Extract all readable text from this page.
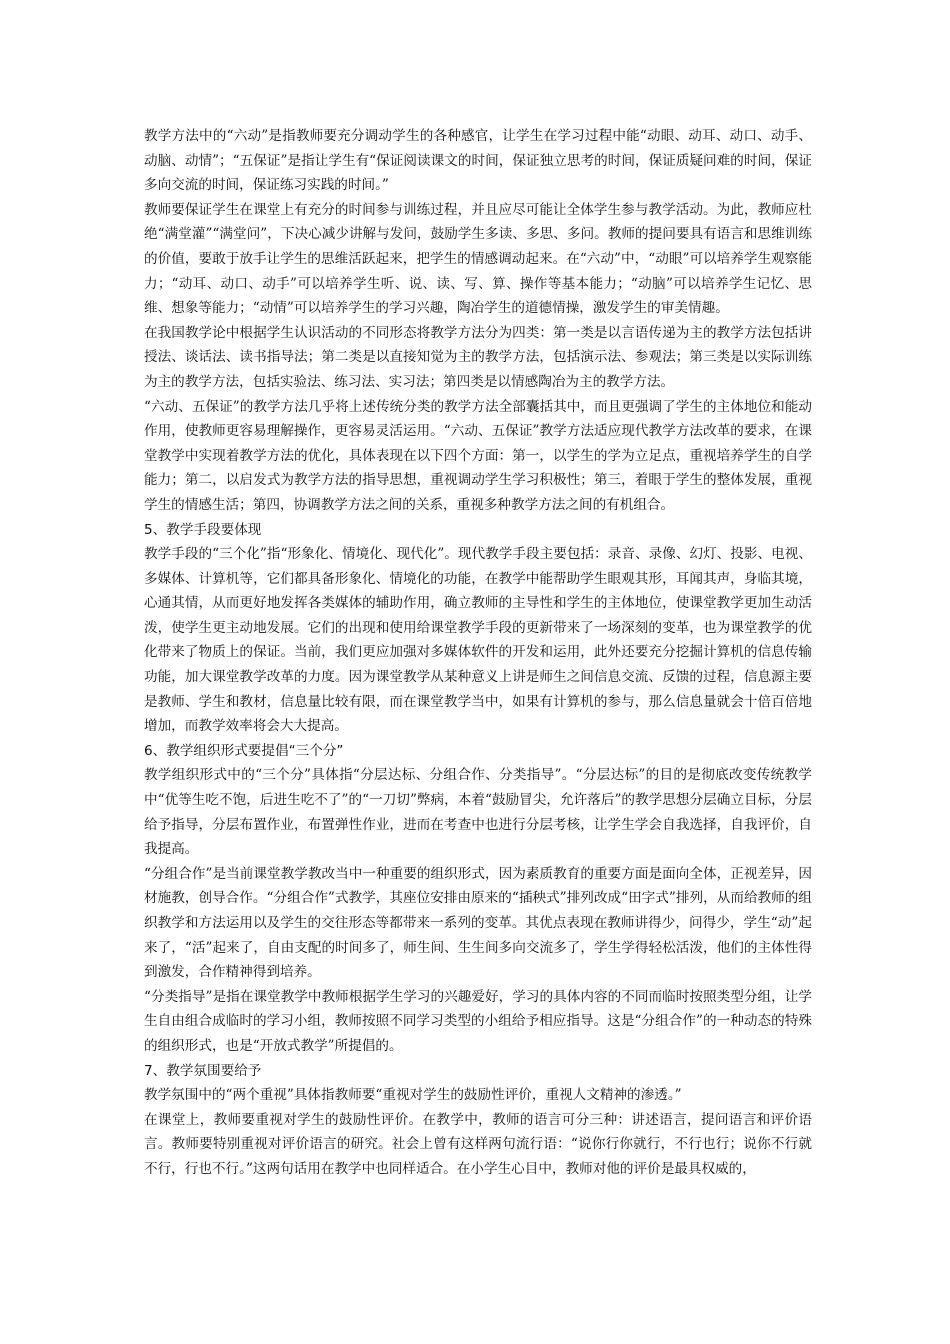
教学方法中的“六动”是指教师要充分调动学生的各种感官，让学生在学习过程中能“动眼、动耳、动口、动手、动脑、动情”；“五保证”是指让学生有“保证阅读课文的时间，保证独立思考的时间，保证质疑问难的时间，保证多向交流的时间，保证练习实践的时间。”

教师要保证学生在课堂上有充分的时间参与训练过程，并且应尽可能让全体学生参与教学活动。为此，教师应杜绝“满堂灌”“满堂问”，下决心减少讲解与发问，鼓励学生多读、多思、多问。教师的提问要具有语言和思维训练的价值，要敢于放手让学生的思维活跃起来，把学生的情感调动起来。在“六动”中，“动眼”可以培养学生观察能力；“动耳、动口、动手”可以培养学生听、说、读、写、算、操作等基本能力；“动脑”可以培养学生记忆、思维、想象等能力；“动情”可以培养学生的学习兴趣，陶冶学生的道德情操，激发学生的审美情趣。

在我国教学论中根据学生认识活动的不同形态将教学方法分为四类：第一类是以言语传递为主的教学方法包括讲授法、谈话法、读书指导法；第二类是以直接知觉为主的教学方法，包括演示法、参观法；第三类是以实际训练为主的教学方法，包括实验法、练习法、实习法；第四类是以情感陶冶为主的教学方法。

“六动、五保证”的教学方法几乎将上述传统分类的教学方法全部囊括其中，而且更强调了学生的主体地位和能动作用，使教师更容易理解操作，更容易灵活运用。“六动、五保证”教学方法适应现代教学方法改革的要求，在课堂教学中实现着教学方法的优化，具体表现在以下四个方面：第一，以学生的学为立足点，重视培养学生的自学能力；第二，以启发式为教学方法的指导思想，重视调动学生学习积极性；第三，着眼于学生的整体发展，重视学生的情感生活；第四，协调教学方法之间的关系，重视多种教学方法之间的有机组合。

5、教学手段要体现

教学手段的“三个化”指“形象化、情境化、现代化”。现代教学手段主要包括：录音、录像、幻灯、投影、电视、多媒体、计算机等，它们都具备形象化、情境化的功能，在教学中能帮助学生眼观其形，耳闻其声，身临其境，心通其情，从而更好地发挥各类媒体的辅助作用，确立教师的主导性和学生的主体地位，使课堂教学更加生动活泼，使学生更主动地发展。它们的出现和使用给课堂教学手段的更新带来了一场深刻的变革，也为课堂教学的优化带来了物质上的保证。当前，我们更应加强对多媒体软件的开发和运用，此外还要充分挖掘计算机的信息传输功能，加大课堂教学改革的力度。因为课堂教学从某种意义上讲是师生之间信息交流、反馈的过程，信息源主要是教师、学生和教材，信息量比较有限，而在课堂教学当中，如果有计算机的参与，那么信息量就会十倍百倍地增加，而教学效率将会大大提高。

6、教学组织形式要提倡“三个分”

教学组织形式中的“三个分”具体指“分层达标、分组合作、分类指导”。“分层达标”的目的是彻底改变传统教学中“优等生吃不饱，后进生吃不了”的“一刀切”弊病，本着“鼓励冒尖，允许落后”的教学思想分层确立目标，分层给予指导，分层布置作业，布置弹性作业，进而在考查中也进行分层考核，让学生学会自我选择，自我评价，自我提高。

“分组合作”是当前课堂教学教改当中一种重要的组织形式，因为素质教育的重要方面是面向全体，正视差异，因材施教，创导合作。“分组合作”式教学，其座位安排由原来的“插秧式”排列改成“田字式”排列，从而给教师的组织教学和方法运用以及学生的交往形态等都带来一系列的变革。其优点表现在教师讲得少，问得少，学生“动”起来了，“活”起来了，自由支配的时间多了，师生间、生生间多向交流多了，学生学得轻松活泼，他们的主体性得到激发，合作精神得到培养。

“分类指导”是指在课堂教学中教师根据学生学习的兴趣爱好，学习的具体内容的不同而临时按照类型分组，让学生自由组合成临时的学习小组，教师按照不同学习类型的小组给予相应指导。这是“分组合作”的一种动态的特殊的组织形式，也是“开放式教学”所提倡的。

7、教学氛围要给予

教学氛围中的“两个重视”具体指教师要“重视对学生的鼓励性评价，重视人文精神的渗透。”

在课堂上，教师要重视对学生的鼓励性评价。在教学中，教师的语言可分三种：讲述语言，提问语言和评价语言。教师要特别重视对评价语言的研究。社会上曾有这样两句流行语：“说你行你就行，不行也行；说你不行就不行，行也不行。”这两句话用在教学中也同样适合。在小学生心目中，教师对他的评价是最具权威的，
